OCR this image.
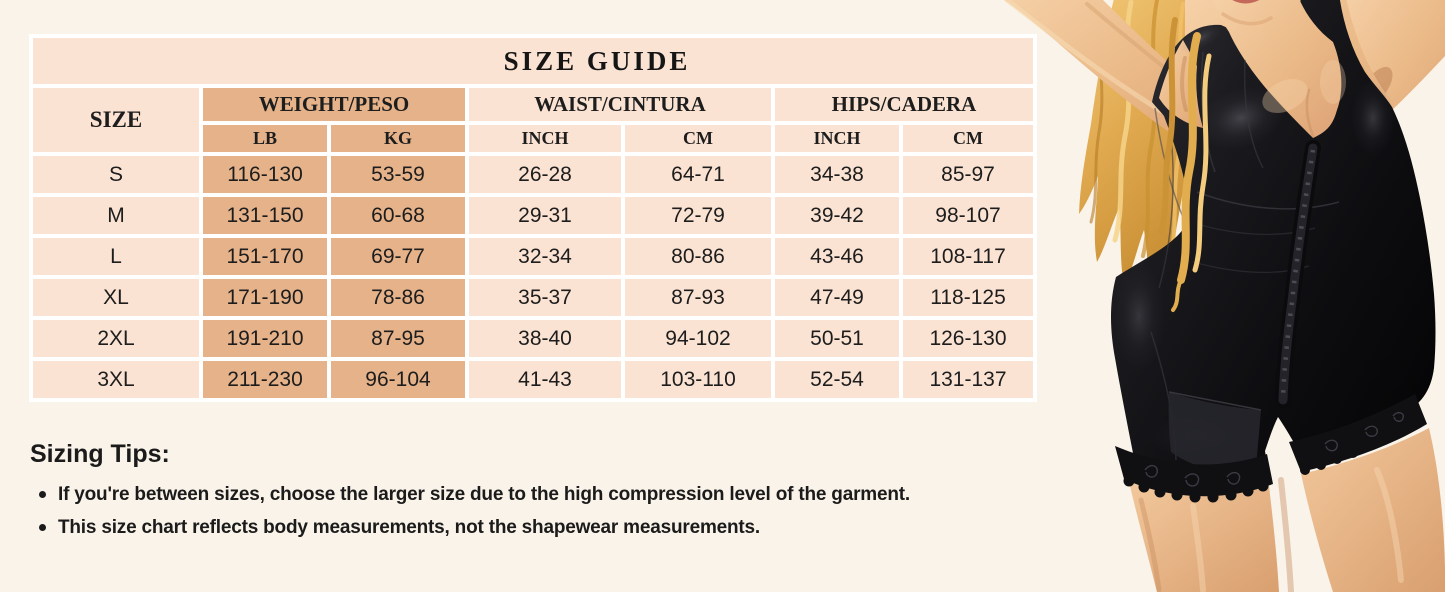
SIZE GUIDE						
SIZE	WEIGHT/PESO		WAIST/CINTURA		HIPS/CADERA	
	LB	KG	INCH	CM	INCH	CM
S	116-130	53-59	26-28	64-71	34-38	85-97
M	131-150	60-68	29-31	72-79	39-42	98-107
L	151-170	69-77	32-34	80-86	43-46	108-117
XL	171-190	78-86	35-37	87-93	47-49	118-125
2XL	191-210	87-95	38-40	94-102	50-51	126-130
3XL	211-230	96-104	41-43	103-110	52-54	131-137
Sizing Tips:
If you're between sizes, choose the larger size due to the high compression level of the garment.
This size chart reflects body measurements, not the shapewear measurements.
